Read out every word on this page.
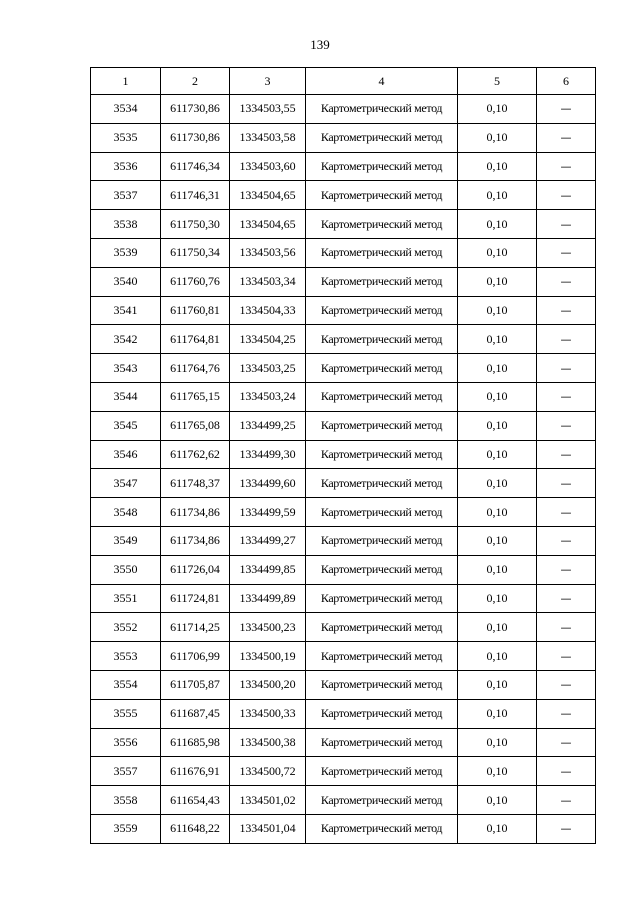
139
1	2	3	4	5	6
3534	611730,86	1334503,55	Картометрический метод	0,10	—
3535	611730,86	1334503,58	Картометрический метод	0,10	—
3536	611746,34	1334503,60	Картометрический метод	0,10	—
3537	611746,31	1334504,65	Картометрический метод	0,10	—
3538	611750,30	1334504,65	Картометрический метод	0,10	—
3539	611750,34	1334503,56	Картометрический метод	0,10	—
3540	611760,76	1334503,34	Картометрический метод	0,10	—
3541	611760,81	1334504,33	Картометрический метод	0,10	—
3542	611764,81	1334504,25	Картометрический метод	0,10	—
3543	611764,76	1334503,25	Картометрический метод	0,10	—
3544	611765,15	1334503,24	Картометрический метод	0,10	—
3545	611765,08	1334499,25	Картометрический метод	0,10	—
3546	611762,62	1334499,30	Картометрический метод	0,10	—
3547	611748,37	1334499,60	Картометрический метод	0,10	—
3548	611734,86	1334499,59	Картометрический метод	0,10	—
3549	611734,86	1334499,27	Картометрический метод	0,10	—
3550	611726,04	1334499,85	Картометрический метод	0,10	—
3551	611724,81	1334499,89	Картометрический метод	0,10	—
3552	611714,25	1334500,23	Картометрический метод	0,10	—
3553	611706,99	1334500,19	Картометрический метод	0,10	—
3554	611705,87	1334500,20	Картометрический метод	0,10	—
3555	611687,45	1334500,33	Картометрический метод	0,10	—
3556	611685,98	1334500,38	Картометрический метод	0,10	—
3557	611676,91	1334500,72	Картометрический метод	0,10	—
3558	611654,43	1334501,02	Картометрический метод	0,10	—
3559	611648,22	1334501,04	Картометрический метод	0,10	—
